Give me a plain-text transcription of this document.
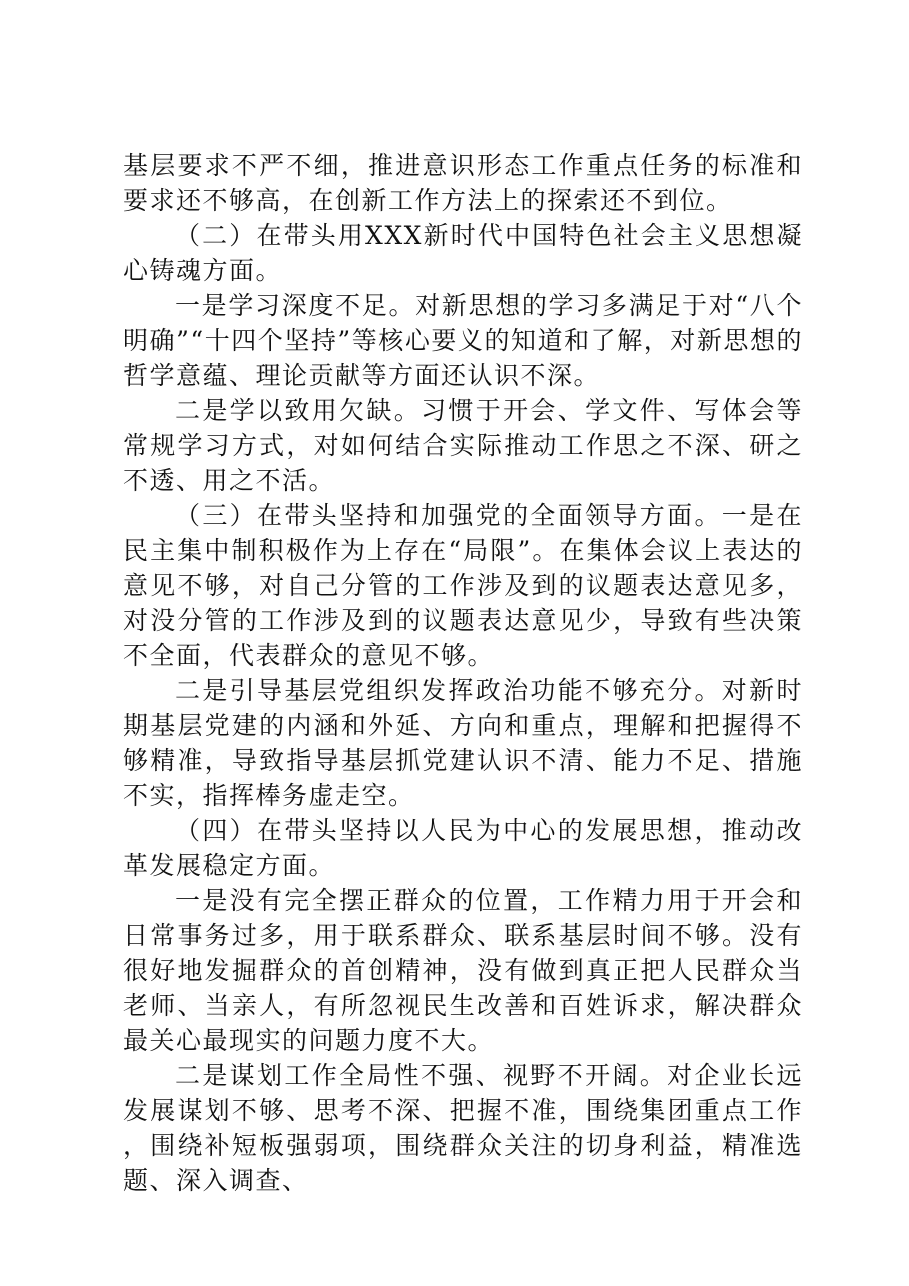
基层要求不严不细，推进意识形态工作重点任务的标准和要求还不够高，在创新工作方法上的探索还不到位。

（二）在带头用XXX新时代中国特色社会主义思想凝心铸魂方面。

一是学习深度不足。对新思想的学习多满足于对“八个明确”“十四个坚持”等核心要义的知道和了解，对新思想的哲学意蕴、理论贡献等方面还认识不深。

二是学以致用欠缺。习惯于开会、学文件、写体会等常规学习方式，对如何结合实际推动工作思之不深、研之不透、用之不活。

（三）在带头坚持和加强党的全面领导方面。一是在民主集中制积极作为上存在“局限”。在集体会议上表达的意见不够，对自己分管的工作涉及到的议题表达意见多，对没分管的工作涉及到的议题表达意见少，导致有些决策不全面，代表群众的意见不够。

二是引导基层党组织发挥政治功能不够充分。对新时期基层党建的内涵和外延、方向和重点，理解和把握得不够精准，导致指导基层抓党建认识不清、能力不足、措施不实，指挥棒务虚走空。

（四）在带头坚持以人民为中心的发展思想，推动改革发展稳定方面。

一是没有完全摆正群众的位置，工作精力用于开会和日常事务过多，用于联系群众、联系基层时间不够。没有很好地发掘群众的首创精神，没有做到真正把人民群众当老师、当亲人，有所忽视民生改善和百姓诉求，解决群众最关心最现实的问题力度不大。

二是谋划工作全局性不强、视野不开阔。对企业长远发展谋划不够、思考不深、把握不准，围绕集团重点工作，围绕补短板强弱项，围绕群众关注的切身利益，精准选题、深入调查、
